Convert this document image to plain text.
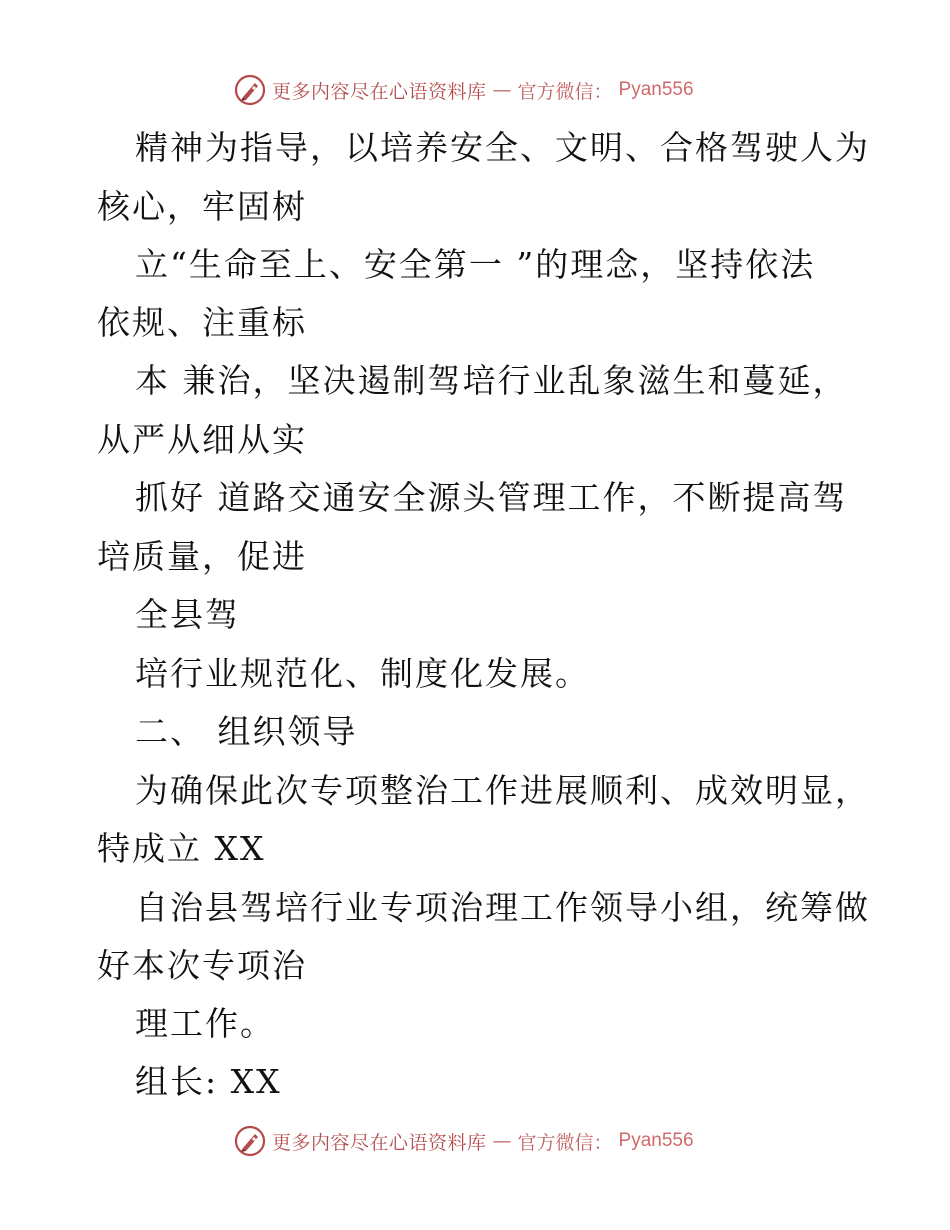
更多内容尽在心语资料库 — 官方微信： Pyan556
精神为指导，以培养安全、文明、合格驾驶人为
核心，牢固树
立“生命至上、安全第一 ”的理念，坚持依法
依规、注重标
本 兼治，坚决遏制驾培行业乱象滋生和蔓延，
从严从细从实
抓好 道路交通安全源头管理工作，不断提高驾
培质量，促进
全县驾
培行业规范化、制度化发展。
二、 组织领导
为确保此次专项整治工作进展顺利、成效明显，
特成立 XX
自治县驾培行业专项治理工作领导小组，统筹做
好本次专项治
理工作。
组长: XX
更多内容尽在心语资料库 — 官方微信： Pyan556
